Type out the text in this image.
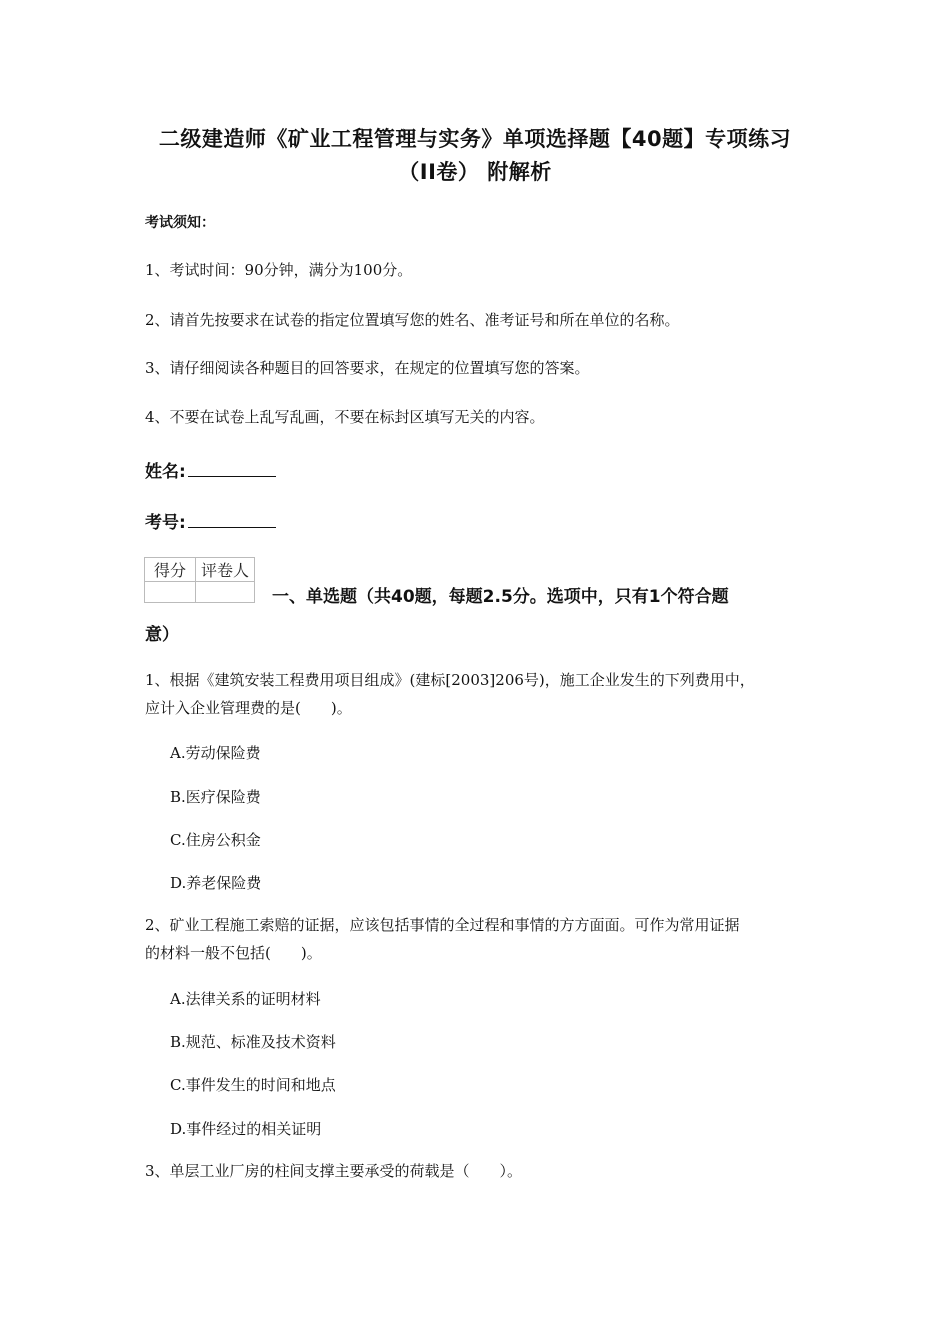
二级建造师《矿业工程管理与实务》单项选择题【40题】专项练习
（II卷） 附解析
考试须知：
1、考试时间：90分钟，满分为100分。
2、请首先按要求在试卷的指定位置填写您的姓名、准考证号和所在单位的名称。
3、请仔细阅读各种题目的回答要求，在规定的位置填写您的答案。
4、不要在试卷上乱写乱画，不要在标封区填写无关的内容。
姓名:
考号:
得分	评卷人

一、单选题（共40题，每题2.5分。选项中，只有1个符合题
意）
1、根据《建筑安装工程费用项目组成》(建标[2003]206号)，施工企业发生的下列费用中，
应计入企业管理费的是(　　)。
A.劳动保险费
B.医疗保险费
C.住房公积金
D.养老保险费
2、矿业工程施工索赔的证据，应该包括事情的全过程和事情的方方面面。可作为常用证据
的材料一般不包括(　　)。
A.法律关系的证明材料
B.规范、标准及技术资料
C.事件发生的时间和地点
D.事件经过的相关证明
3、单层工业厂房的柱间支撑主要承受的荷载是（　　）。
